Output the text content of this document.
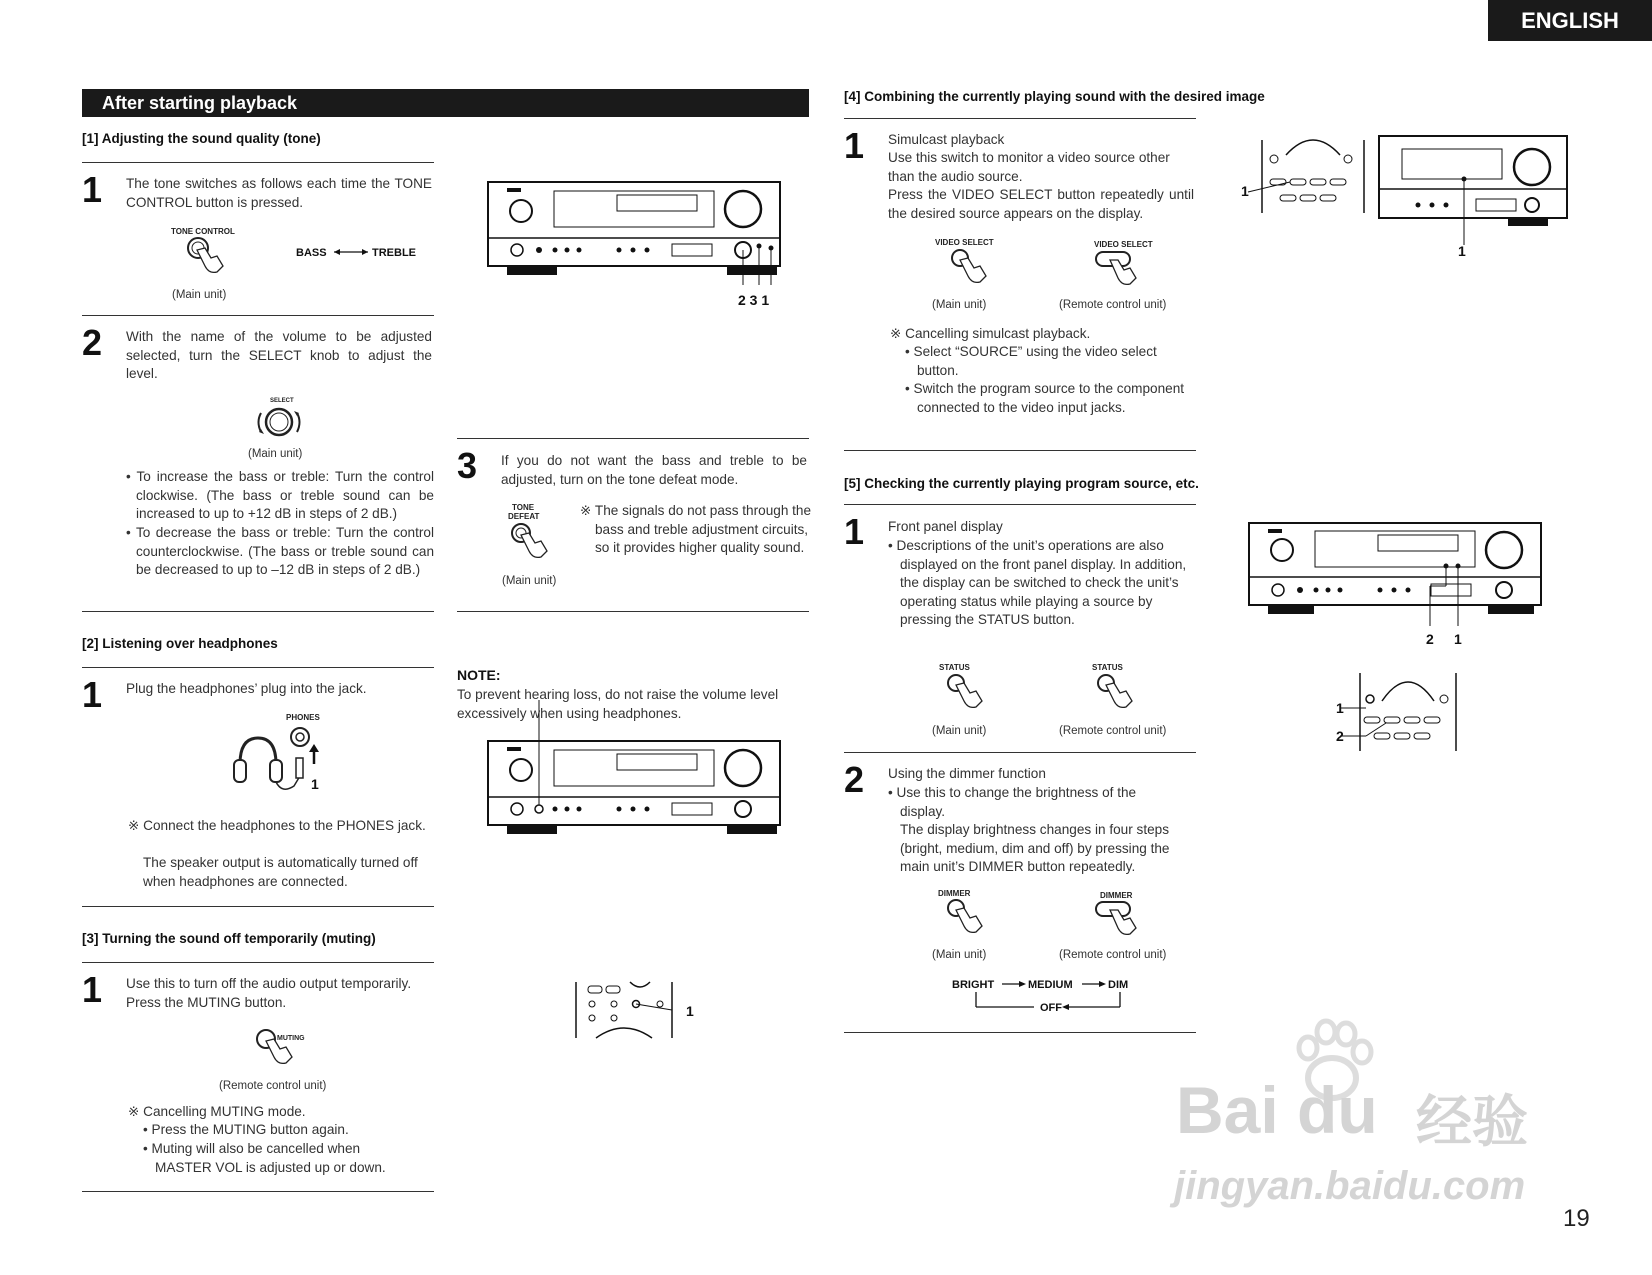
ENGLISH
After starting playback
[1] Adjusting the sound quality (tone)
1 The tone switches as follows each time the TONE CONTROL button is pressed.
TONE CONTROL
BASS	TREBLE
(Main unit)
2 With the name of the volume to be adjusted selected, turn the SELECT knob to adjust the level.
SELECT
(Main unit)
• To increase the bass or treble: Turn the control clockwise. (The bass or treble sound can be increased to up to +12 dB in steps of 2 dB.)
• To decrease the bass or treble: Turn the control counterclockwise. (The bass or treble sound can be decreased to up to –12 dB in steps of 2 dB.)
[2] Listening over headphones
1 Plug the headphones’ plug into the jack.
PHONES
1
※ Connect the headphones to the PHONES jack.
The speaker output is automatically turned off when headphones are connected.
[3] Turning the sound off temporarily (muting)
1 Use this to turn off the audio output temporarily. Press the MUTING button.
MUTING
(Remote control unit)
※ Cancelling MUTING mode.
• Press the MUTING button again.
• Muting will also be cancelled when MASTER VOL is adjusted up or down.
2 3 1
3 If you do not want the bass and treble to be adjusted, turn on the tone defeat mode.
TONE
DEFEAT
(Main unit)
※ The signals do not pass through the bass and treble adjustment circuits, so it provides higher quality sound.
NOTE:
To prevent hearing loss, do not raise the volume level excessively when using headphones.
1
[4] Combining the currently playing sound with the desired image
1 Simulcast playback
Use this switch to monitor a video source other than the audio source.
Press the VIDEO SELECT button repeatedly until the desired source appears on the display.
VIDEO SELECT	VIDEO SELECT
(Main unit)	(Remote control unit)
※ Cancelling simulcast playback.
• Select “SOURCE” using the video select button.
• Switch the program source to the component connected to the video input jacks.
1
1
[5] Checking the currently playing program source, etc.
1 Front panel display
• Descriptions of the unit’s operations are also displayed on the front panel display. In addition, the display can be switched to check the unit’s operating status while playing a source by pressing the STATUS button.
STATUS	STATUS
(Main unit)	(Remote control unit)
2 Using the dimmer function
• Use this to change the brightness of the display.
The display brightness changes in four steps (bright, medium, dim and off) by pressing the main unit’s DIMMER button repeatedly.
DIMMER	DIMMER
(Main unit)	(Remote control unit)
BRIGHT	MEDIUM	DIM
OFF
2 1
1
2
Bai du 经验
jingyan.baidu.com
19
